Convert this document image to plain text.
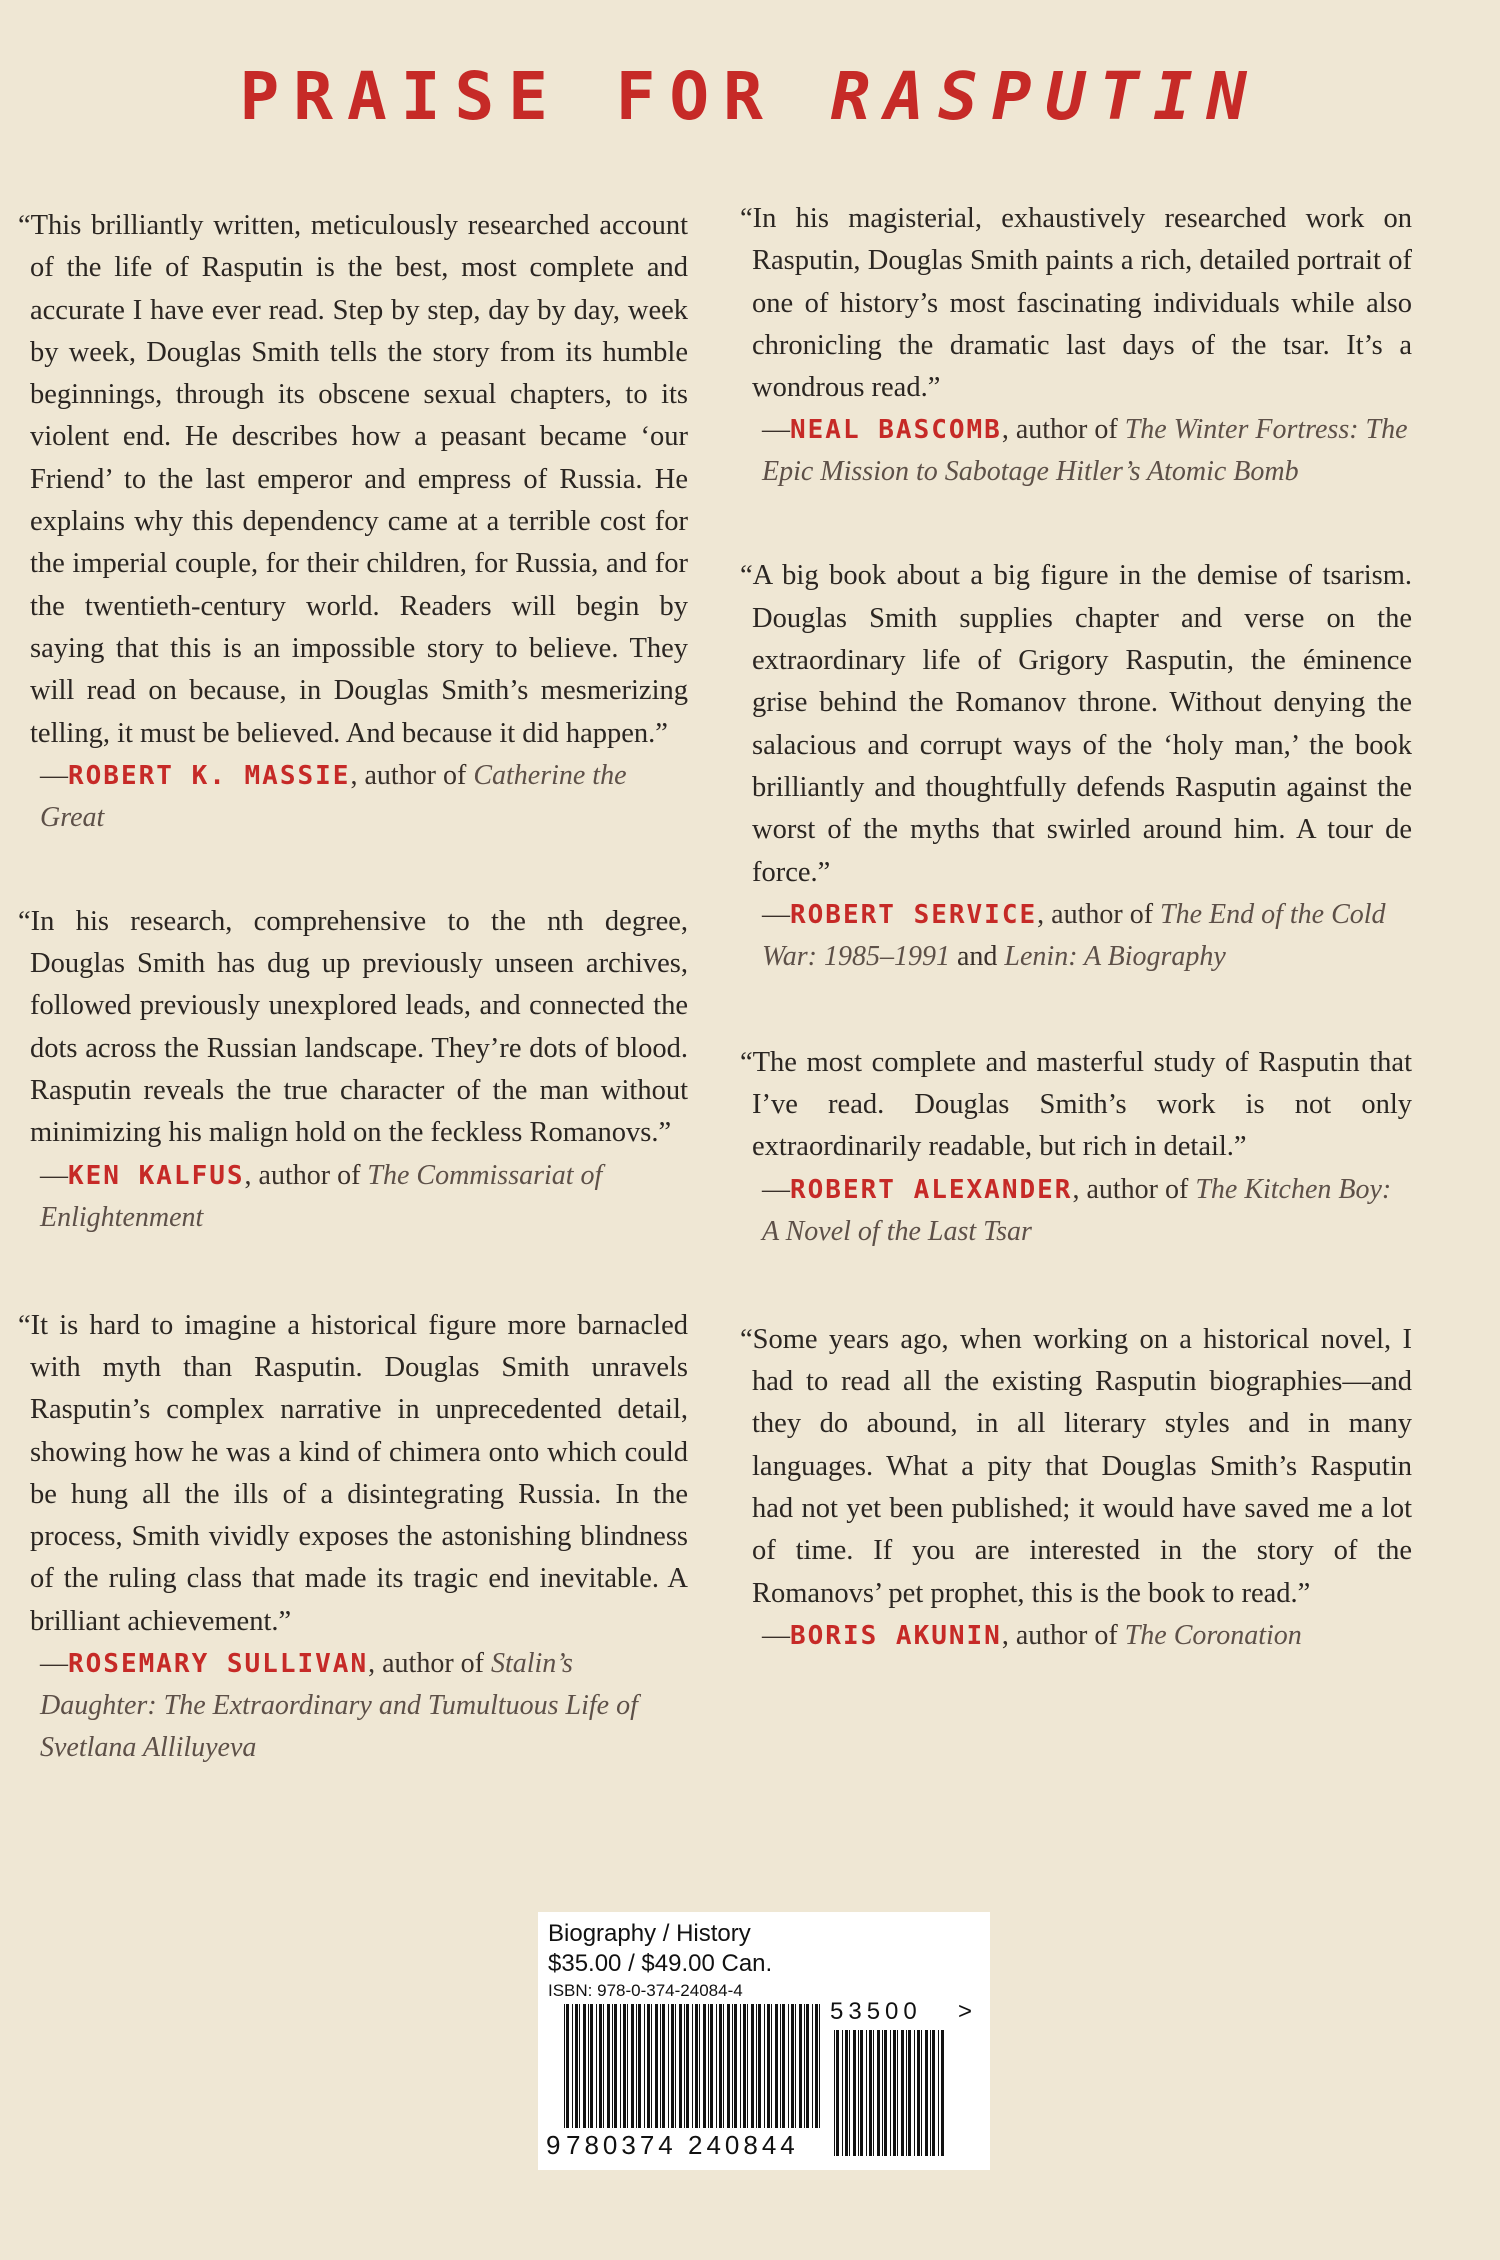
PRAISE FOR RASPUTIN

“This brilliantly written, meticulously researched account of the life of Rasputin is the best, most complete and accurate I have ever read. Step by step, day by day, week by week, Douglas Smith tells the story from its humble beginnings, through its obscene sexual chapters, to its violent end. He describes how a peasant became ‘our Friend’ to the last emperor and empress of Russia. He explains why this dependency came at a terrible cost for the imperial couple, for their children, for Russia, and for the twentieth-century world. Readers will begin by saying that this is an impossible story to believe. They will read on because, in Douglas Smith’s mesmerizing telling, it must be believed. And because it did happen.”

—ROBERT K. MASSIE, author of Catherine the Great

“In his research, comprehensive to the nth degree, Douglas Smith has dug up previously unseen archives, followed previously unexplored leads, and connected the dots across the Russian landscape. They’re dots of blood. Rasputin reveals the true character of the man without minimizing his malign hold on the feckless Romanovs.”

—KEN KALFUS, author of The Commissariat of Enlightenment

“It is hard to imagine a historical figure more barnacled with myth than Rasputin. Douglas Smith unravels Rasputin’s complex narrative in unprecedented detail, showing how he was a kind of chimera onto which could be hung all the ills of a disintegrating Russia. In the process, Smith vividly exposes the astonishing blindness of the ruling class that made its tragic end inevitable. A brilliant achievement.”

—ROSEMARY SULLIVAN, author of Stalin’s Daughter: The Extraordinary and Tumultuous Life of Svetlana Alliluyeva

“In his magisterial, exhaustively researched work on Rasputin, Douglas Smith paints a rich, detailed portrait of one of history’s most fascinating individuals while also chronicling the dramatic last days of the tsar. It’s a wondrous read.”

—NEAL BASCOMB, author of The Winter Fortress: The Epic Mission to Sabotage Hitler’s Atomic Bomb

“A big book about a big figure in the demise of tsarism. Douglas Smith supplies chapter and verse on the extraordinary life of Grigory Rasputin, the éminence grise behind the Romanov throne. Without denying the salacious and corrupt ways of the ‘holy man,’ the book brilliantly and thoughtfully defends Rasputin against the worst of the myths that swirled around him. A tour de force.”

—ROBERT SERVICE, author of The End of the Cold War: 1985–1991 and Lenin: A Biography

“The most complete and masterful study of Rasputin that I’ve read. Douglas Smith’s work is not only extraordinarily readable, but rich in detail.”

—ROBERT ALEXANDER, author of The Kitchen Boy: A Novel of the Last Tsar

“Some years ago, when working on a historical novel, I had to read all the existing Rasputin biographies—and they do abound, in all literary styles and in many languages. What a pity that Douglas Smith’s Rasputin had not yet been published; it would have saved me a lot of time. If you are interested in the story of the Romanovs’ pet prophet, this is the book to read.”

—BORIS AKUNIN, author of The Coronation
Biography / History
$35.00 / $49.00 Can.
ISBN: 978-0-374-24084-4
9 780374 240844
53500 >
